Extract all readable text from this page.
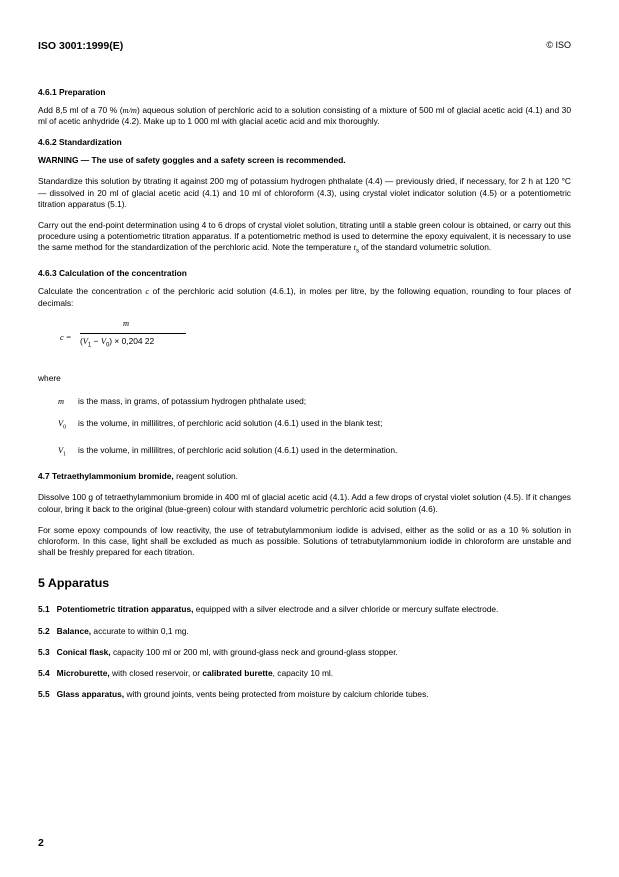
ISO 3001:1999(E)	© ISO
4.6.1 Preparation

Add 8,5 ml of a 70 % (m/m) aqueous solution of perchloric acid to a solution consisting of a mixture of 500 ml of glacial acetic acid (4.1) and 30 ml of acetic anhydride (4.2). Make up to 1 000 ml with glacial acetic acid and mix thoroughly.

4.6.2 Standardization
WARNING — The use of safety goggles and a safety screen is recommended.

Standardize this solution by titrating it against 200 mg of potassium hydrogen phthalate (4.4) — previously dried, if necessary, for 2 h at 120 °C — dissolved in 20 ml of glacial acetic acid (4.1) and 10 ml of chloroform (4.3), using crystal violet indicator solution (4.5) or a potentiometric titration apparatus (5.1).

Carry out the end-point determination using 4 to 6 drops of crystal violet solution, titrating until a stable green colour is obtained, or carry out this procedure using a potentiometric titration apparatus. If a potentiometric method is used to determine the epoxy equivalent, it is necessary to use the same method for the standardization of the perchloric acid. Note the temperature $t_s$ of the standard volumetric solution.

4.6.3 Calculation of the concentration

Calculate the concentration c of the perchloric acid solution (4.6.1), in moles per litre, by the following equation, rounding to four places of decimals:

c =
m
$(V_1 - V_0) \times 0,204$ 22

where

m is the mass, in grams, of potassium hydrogen phthalate used;
$V_0$ is the volume, in millilitres, of perchloric acid solution (4.6.1) used in the blank test;
$V_1$ is the volume, in millilitres, of perchloric acid solution (4.6.1) used in the determination.

4.7 Tetraethylammonium bromide, reagent solution.

Dissolve 100 g of tetraethylammonium bromide in 400 ml of glacial acetic acid (4.1). Add a few drops of crystal violet solution (4.5). If it changes colour, bring it back to the original (blue-green) colour with standard volumetric perchloric acid solution (4.6).

For some epoxy compounds of low reactivity, the use of tetrabutylammonium iodide is advised, either as the solid or as a 10 % solution in chloroform. In this case, light shall be excluded as much as possible. Solutions of tetrabutylammonium iodide in chloroform are unstable and shall be freshly prepared for each titration.

5 Apparatus

5.1 Potentiometric titration apparatus, equipped with a silver electrode and a silver chloride or mercury sulfate electrode.

5.2 Balance, accurate to within 0,1 mg.

5.3 Conical flask, capacity 100 ml or 200 ml, with ground-glass neck and ground-glass stopper.

5.4 Microburette, with closed reservoir, or calibrated burette, capacity 10 ml.

5.5 Glass apparatus, with ground joints, vents being protected from moisture by calcium chloride tubes.

2
